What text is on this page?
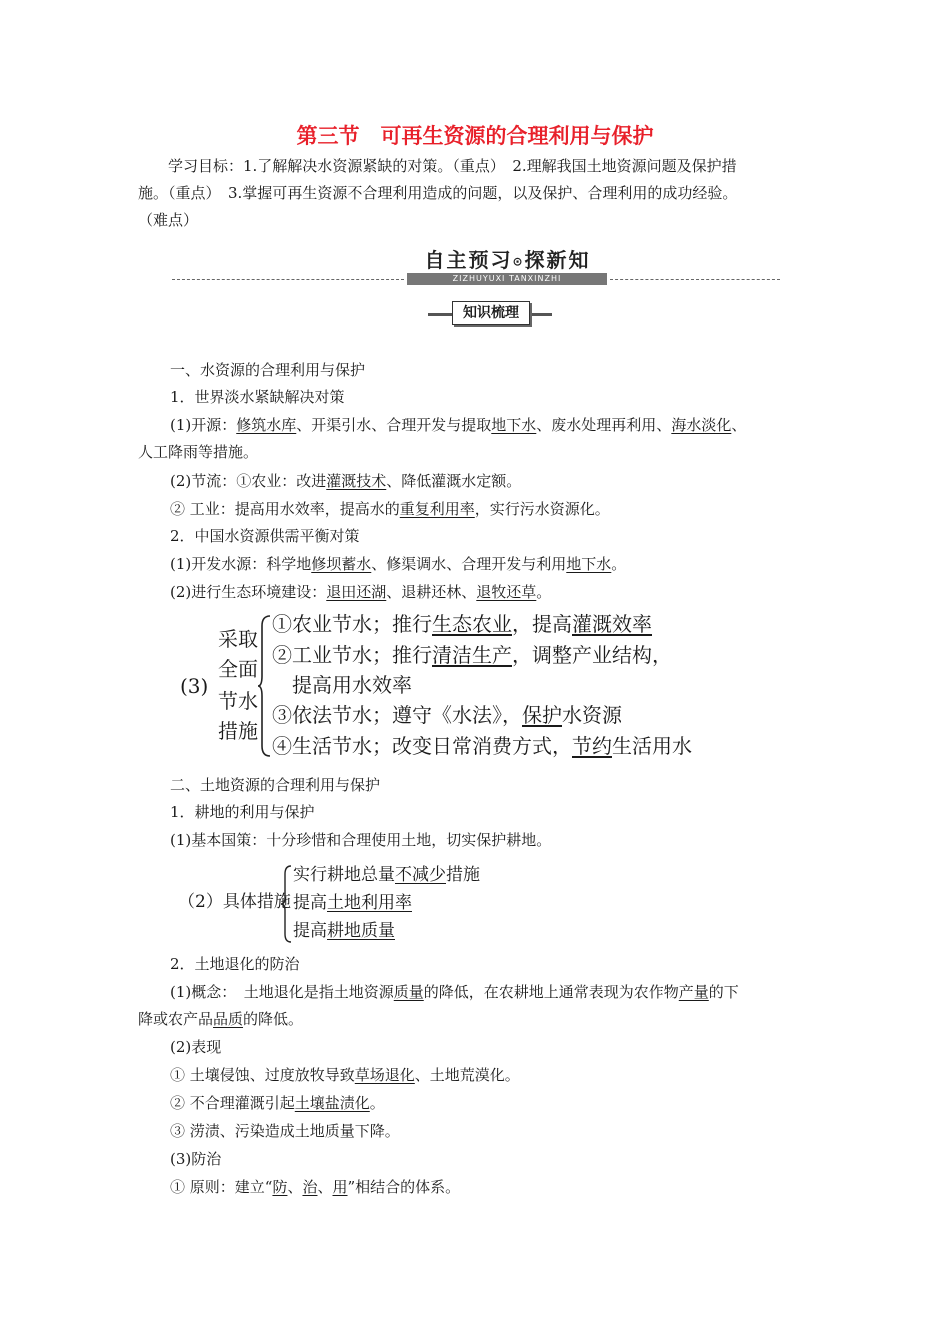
第三节　可再生资源的合理利用与保护
学习目标：1.了解解决水资源紧缺的对策。（重点）　2.理解我国土地资源问题及保护措
施。（重点）　3.掌握可再生资源不合理利用造成的问题，以及保护、合理利用的成功经验。
（难点）
自主预习⊙探新知
ZIZHUYUXI TANXINZHI
知识梳理
一、水资源的合理利用与保护
1．世界淡水紧缺解决对策
(1)开源：修筑水库、开渠引水、合理开发与提取地下水、废水处理再利用、海水淡化、
人工降雨等措施。
(2)节流：①农业：改进灌溉技术、降低灌溉水定额。
② 工业：提高用水效率，提高水的重复利用率，实行污水资源化。
2．中国水资源供需平衡对策
(1)开发水源：科学地修坝蓄水、修渠调水、合理开发与利用地下水。
(2)进行生态环境建设：退田还湖、退耕还林、退牧还草。
(3)
采取
全面
节水
措施
①农业节水；推行生态农业，提高灌溉效率
②工业节水；推行清洁生产，调整产业结构，
提高用水效率
③依法节水；遵守《水法》，保护水资源
④生活节水；改变日常消费方式，节约生活用水
二、土地资源的合理利用与保护
1．耕地的利用与保护
(1)基本国策：十分珍惜和合理使用土地，切实保护耕地。
（2）具体措施
实行耕地总量不减少措施
提高土地利用率
提高耕地质量
2．土地退化的防治
(1)概念：　土地退化是指土地资源质量的降低，在农耕地上通常表现为农作物产量的下
降或农产品品质的降低。
(2)表现
① 土壤侵蚀、过度放牧导致草场退化、土地荒漠化。
② 不合理灌溉引起土壤盐渍化。
③ 涝渍、污染造成土地质量下降。
(3)防治
① 原则：建立“防、治、用”相结合的体系。
